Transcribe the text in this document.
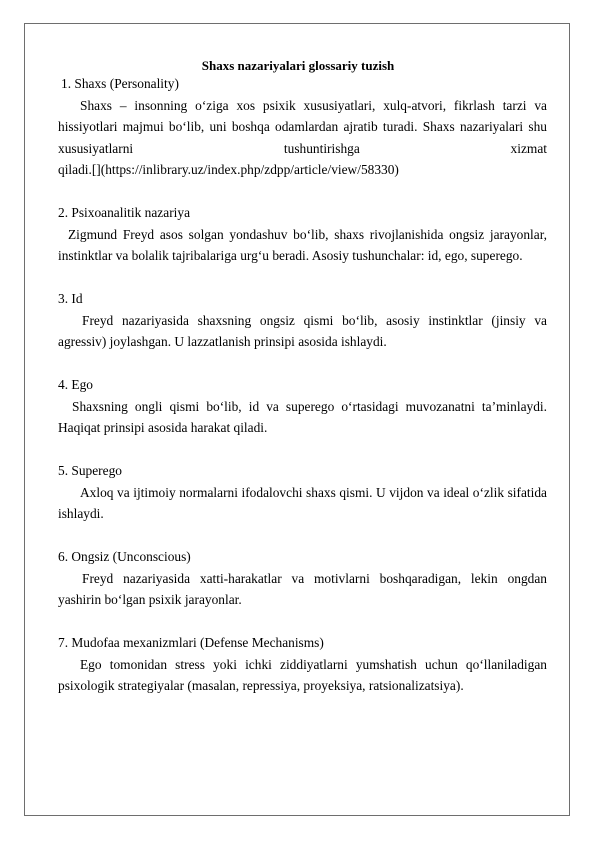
Shaxs nazariyalari glossariy tuzish

1. Shaxs (Personality)

Shaxs – insonning o‘ziga xos psixik xususiyatlari, xulq-atvori, fikrlash tarzi va hissiyotlari majmui bo‘lib, uni boshqa odamlardan ajratib turadi. Shaxs nazariyalari shu xususiyatlarni tushuntirishga xizmat

qiladi.[](https://inlibrary.uz/index.php/zdpp/article/view/58330)

2. Psixoanalitik nazariya

Zigmund Freyd asos solgan yondashuv bo‘lib, shaxs rivojlanishida ongsiz jarayonlar, instinktlar va bolalik tajribalariga urg‘u beradi. Asosiy tushunchalar: id, ego, superego.

3. Id

Freyd nazariyasida shaxsning ongsiz qismi bo‘lib, asosiy instinktlar (jinsiy va agressiv) joylashgan. U lazzatlanish prinsipi asosida ishlaydi.

4. Ego

Shaxsning ongli qismi bo‘lib, id va superego o‘rtasidagi muvozanatni ta’minlaydi. Haqiqat prinsipi asosida harakat qiladi.

5. Superego

Axloq va ijtimoiy normalarni ifodalovchi shaxs qismi. U vijdon va ideal o‘zlik sifatida ishlaydi.

6. Ongsiz (Unconscious)

Freyd nazariyasida xatti-harakatlar va motivlarni boshqaradigan, lekin ongdan yashirin bo‘lgan psixik jarayonlar.

7. Mudofaa mexanizmlari (Defense Mechanisms)

Ego tomonidan stress yoki ichki ziddiyatlarni yumshatish uchun qo‘llaniladigan psixologik strategiyalar (masalan, repressiya, proyeksiya, ratsionalizatsiya).
